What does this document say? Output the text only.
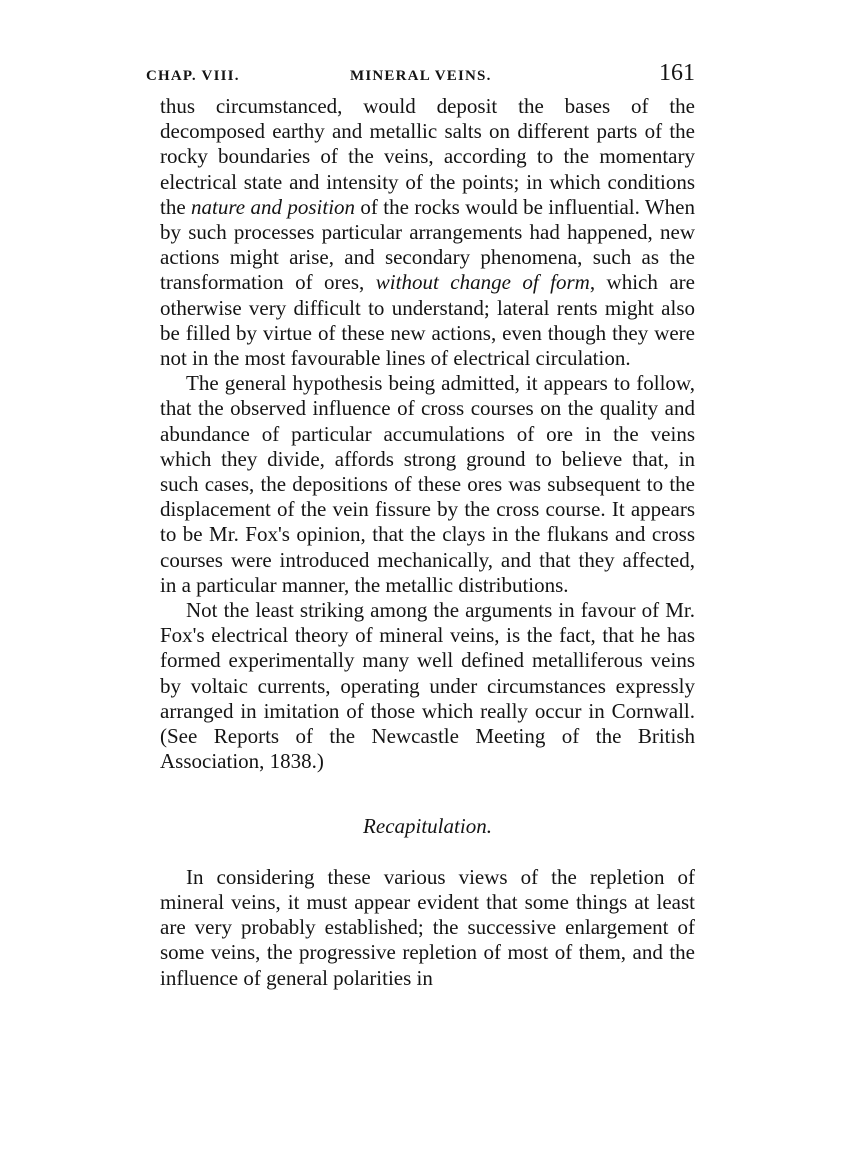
CHAP. VIII.	MINERAL VEINS.	161

thus circumstanced, would deposit the bases of the decomposed earthy and metallic salts on different parts of the rocky boundaries of the veins, according to the momentary electrical state and intensity of the points; in which conditions the nature and position of the rocks would be influential. When by such processes particular arrangements had happened, new actions might arise, and secondary phenomena, such as the transformation of ores, without change of form, which are otherwise very difficult to understand; lateral rents might also be filled by virtue of these new actions, even though they were not in the most favourable lines of electrical circulation.

The general hypothesis being admitted, it appears to follow, that the observed influence of cross courses on the quality and abundance of particular accumulations of ore in the veins which they divide, affords strong ground to believe that, in such cases, the depositions of these ores was subsequent to the displacement of the vein fissure by the cross course. It appears to be Mr. Fox's opinion, that the clays in the flukans and cross courses were introduced mechanically, and that they affected, in a particular manner, the metallic distributions.

Not the least striking among the arguments in favour of Mr. Fox's electrical theory of mineral veins, is the fact, that he has formed experimentally many well defined metalliferous veins by voltaic currents, operating under circumstances expressly arranged in imitation of those which really occur in Cornwall. (See Reports of the Newcastle Meeting of the British Association, 1838.)

Recapitulation.

In considering these various views of the repletion of mineral veins, it must appear evident that some things at least are very probably established; the successive enlargement of some veins, the progressive repletion of most of them, and the influence of general polarities in
